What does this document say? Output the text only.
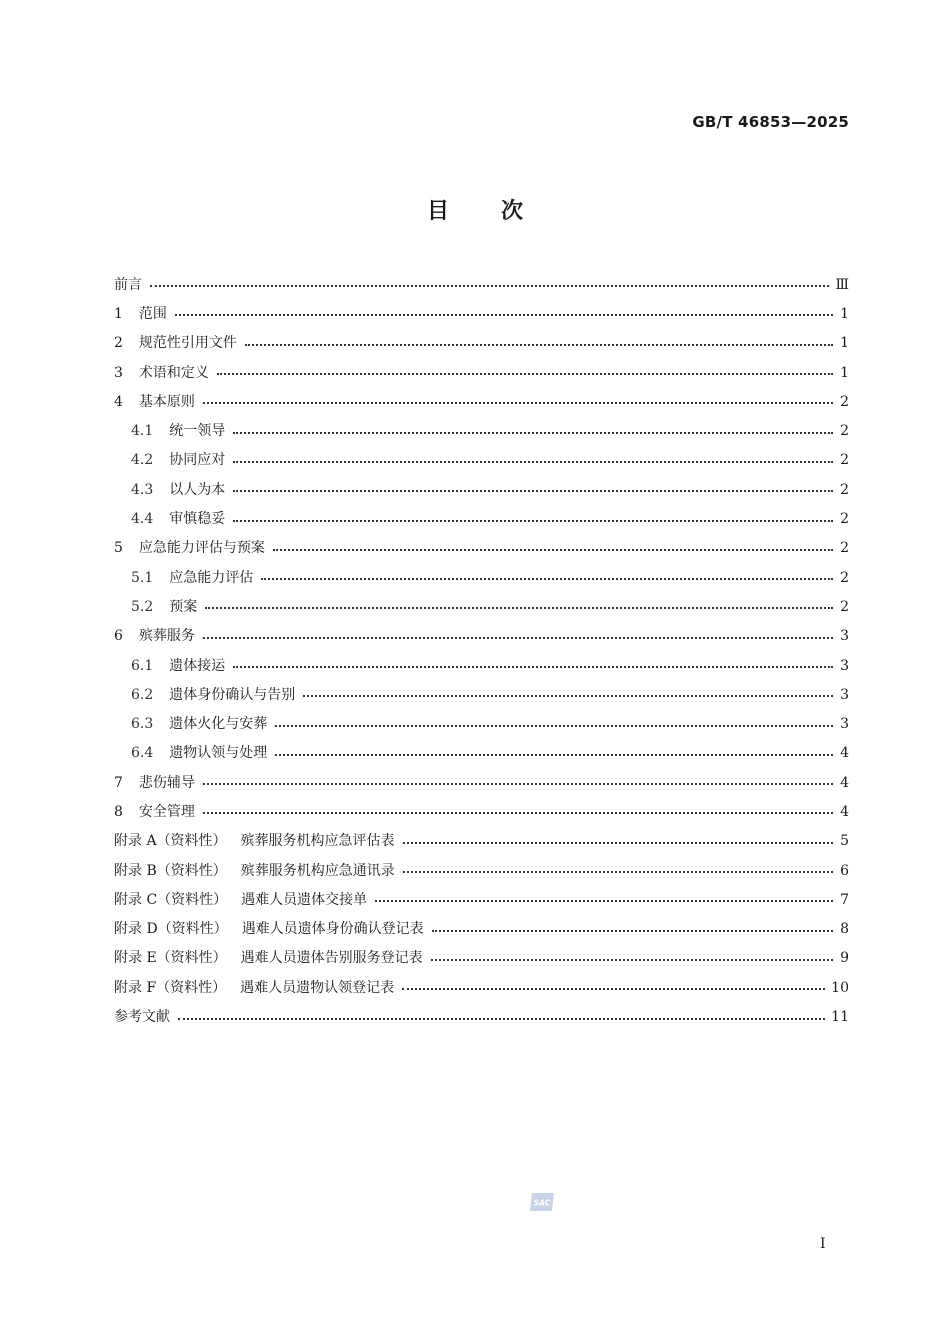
GB/T 46853—2025
目次
前言	Ⅲ
1 范围	1
2 规范性引用文件	1
3 术语和定义	1
4 基本原则	2
4.1 统一领导	2
4.2 协同应对	2
4.3 以人为本	2
4.4 审慎稳妥	2
5 应急能力评估与预案	2
5.1 应急能力评估	2
5.2 预案	2
6 殡葬服务	3
6.1 遗体接运	3
6.2 遗体身份确认与告别	3
6.3 遗体火化与安葬	3
6.4 遗物认领与处理	4
7 悲伤辅导	4
8 安全管理	4
附录 A（资料性） 殡葬服务机构应急评估表	5
附录 B（资料性） 殡葬服务机构应急通讯录	6
附录 C（资料性） 遇难人员遗体交接单	7
附录 D（资料性） 遇难人员遗体身份确认登记表	8
附录 E（资料性） 遇难人员遗体告别服务登记表	9
附录 F（资料性） 遇难人员遗物认领登记表	10
参考文献	11
SAC
I
